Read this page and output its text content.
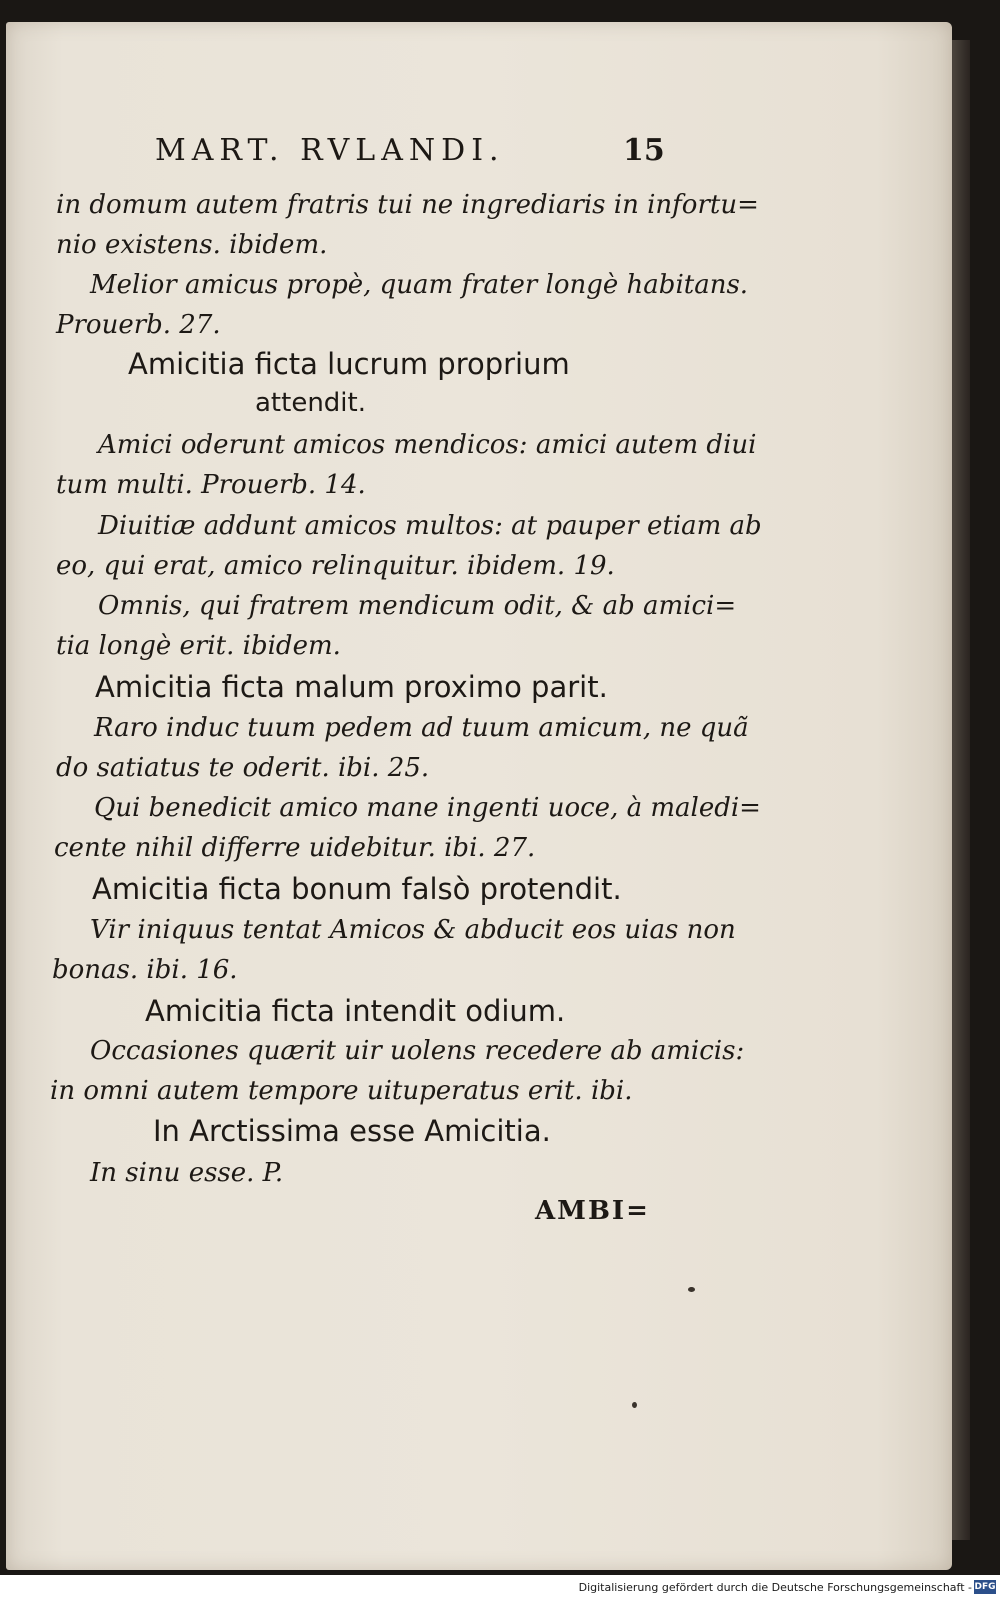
MART. RVLANDI.	15
in domum autem fratris tui ne ingrediaris in infortu=
nio existens. ibidem.
Melior amicus propè, quam frater longè habitans.
Prouerb. 27.
Amicitia ficta lucrum proprium
attendit.
Amici oderunt amicos mendicos: amici autem diui
tum multi. Prouerb. 14.
Diuitiæ addunt amicos multos: at pauper etiam ab
eo, qui erat, amico relinquitur. ibidem. 19.
Omnis, qui fratrem mendicum odit, & ab amici=
tia longè erit. ibidem.
Amicitia ficta malum proximo parit.
Raro induc tuum pedem ad tuum amicum, ne quã
do satiatus te oderit. ibi. 25.
Qui benedicit amico mane ingenti uoce, à maledi=
cente nihil differre uidebitur. ibi. 27.
Amicitia ficta bonum falsò protendit.
Vir iniquus tentat Amicos & abducit eos uias non
bonas. ibi. 16.
Amicitia ficta intendit odium.
Occasiones quærit uir uolens recedere ab amicis:
in omni autem tempore uituperatus erit. ibi.
In Arctissima esse Amicitia.
In sinu esse. P.
AMBI=
Digitalisierung gefördert durch die Deutsche Forschungsgemeinschaft - DFG
